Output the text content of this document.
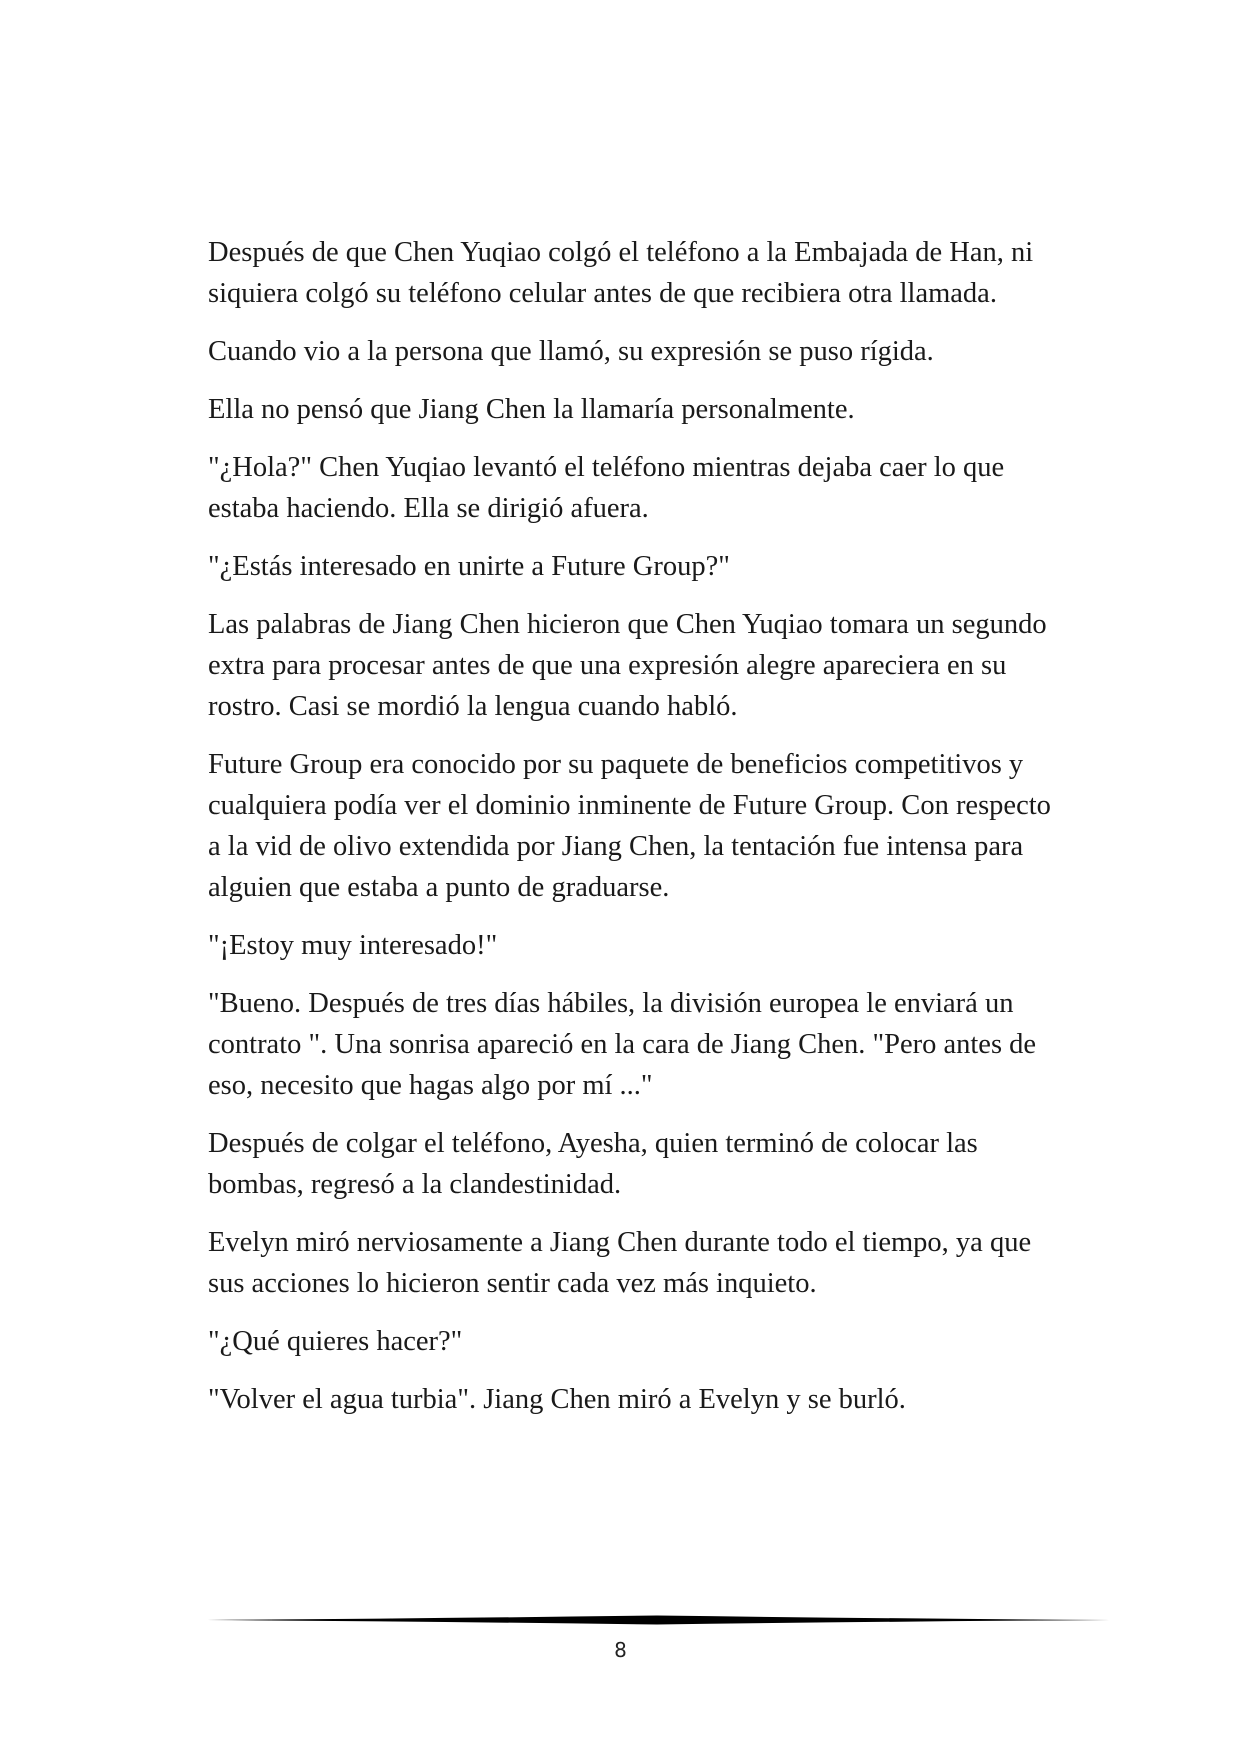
Después de que Chen Yuqiao colgó el teléfono a la Embajada de Han, ni siquiera colgó su teléfono celular antes de que recibiera otra llamada.

Cuando vio a la persona que llamó, su expresión se puso rígida.

Ella no pensó que Jiang Chen la llamaría personalmente.

"¿Hola?" Chen Yuqiao levantó el teléfono mientras dejaba caer lo que estaba haciendo. Ella se dirigió afuera.

"¿Estás interesado en unirte a Future Group?"

Las palabras de Jiang Chen hicieron que Chen Yuqiao tomara un segundo extra para procesar antes de que una expresión alegre apareciera en su rostro. Casi se mordió la lengua cuando habló.

Future Group era conocido por su paquete de beneficios competitivos y cualquiera podía ver el dominio inminente de Future Group. Con respecto a la vid de olivo extendida por Jiang Chen, la tentación fue intensa para alguien que estaba a punto de graduarse.

"¡Estoy muy interesado!"

"Bueno. Después de tres días hábiles, la división europea le enviará un contrato ". Una sonrisa apareció en la cara de Jiang Chen. "Pero antes de eso, necesito que hagas algo por mí ..."

Después de colgar el teléfono, Ayesha, quien terminó de colocar las bombas, regresó a la clandestinidad.

Evelyn miró nerviosamente a Jiang Chen durante todo el tiempo, ya que sus acciones lo hicieron sentir cada vez más inquieto.

"¿Qué quieres hacer?"

"Volver el agua turbia". Jiang Chen miró a Evelyn y se burló.

8
